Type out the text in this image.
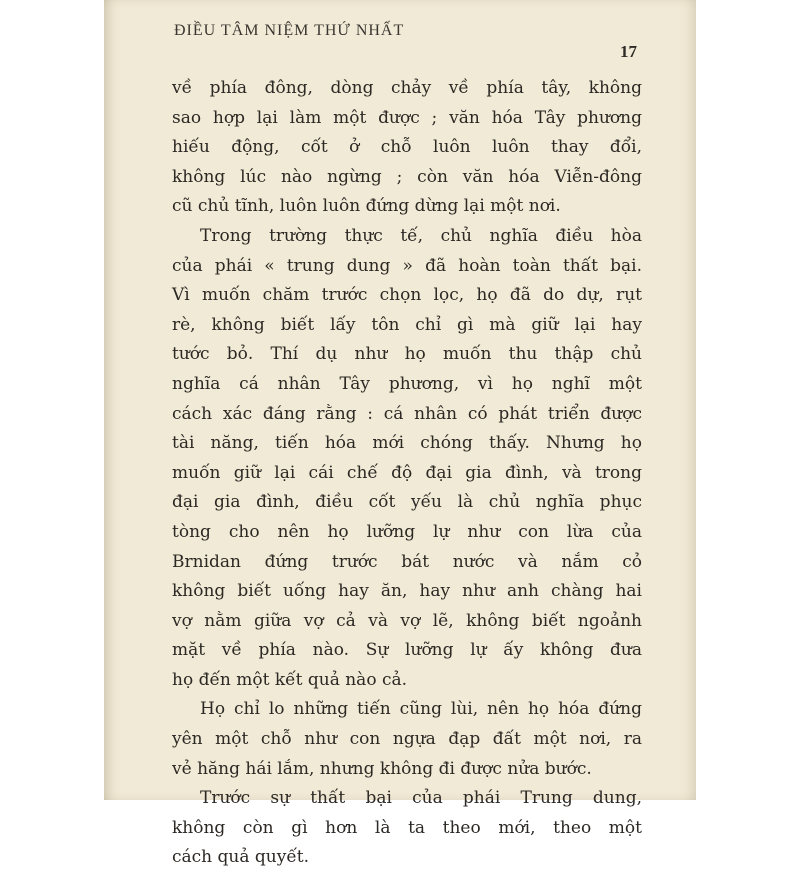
ĐIỀU TÂM NIỆM THỨ NHẤT
17
về phía đông, dòng chảy về phía tây, không
sao hợp lại làm một được ; văn hóa Tây phương
hiếu động, cốt ở chỗ luôn luôn thay đổi,
không lúc nào ngừng ; còn văn hóa Viễn-đông
cũ chủ tĩnh, luôn luôn đứng dừng lại một nơi.
Trong trường thực tế, chủ nghĩa điều hòa
của phái « trung dung » đã hoàn toàn thất bại.
Vì muốn chăm trước chọn lọc, họ đã do dự, rụt
rè, không biết lấy tôn chỉ gì mà giữ lại hay
tước bỏ. Thí dụ như họ muốn thu thập chủ
nghĩa cá nhân Tây phương, vì họ nghĩ một
cách xác đáng rằng : cá nhân có phát triển được
tài năng, tiến hóa mới chóng thấy. Nhưng họ
muốn giữ lại cái chế độ đại gia đình, và trong
đại gia đình, điều cốt yếu là chủ nghĩa phục
tòng cho nên họ lưỡng lự như con lừa của
Brnidan đứng trước bát nước và nắm cỏ
không biết uống hay ăn, hay như anh chàng hai
vợ nằm giữa vợ cả và vợ lẽ, không biết ngoảnh
mặt về phía nào. Sự lưỡng lự ấy không đưa
họ đến một kết quả nào cả.
Họ chỉ lo những tiến cũng lùi, nên họ hóa đứng
yên một chỗ như con ngựa đạp đất một nơi, ra
vẻ hăng hái lắm, nhưng không đi được nửa bước.
Trước sự thất bại của phái Trung dung,
không còn gì hơn là ta theo mới, theo một
cách quả quyết.
